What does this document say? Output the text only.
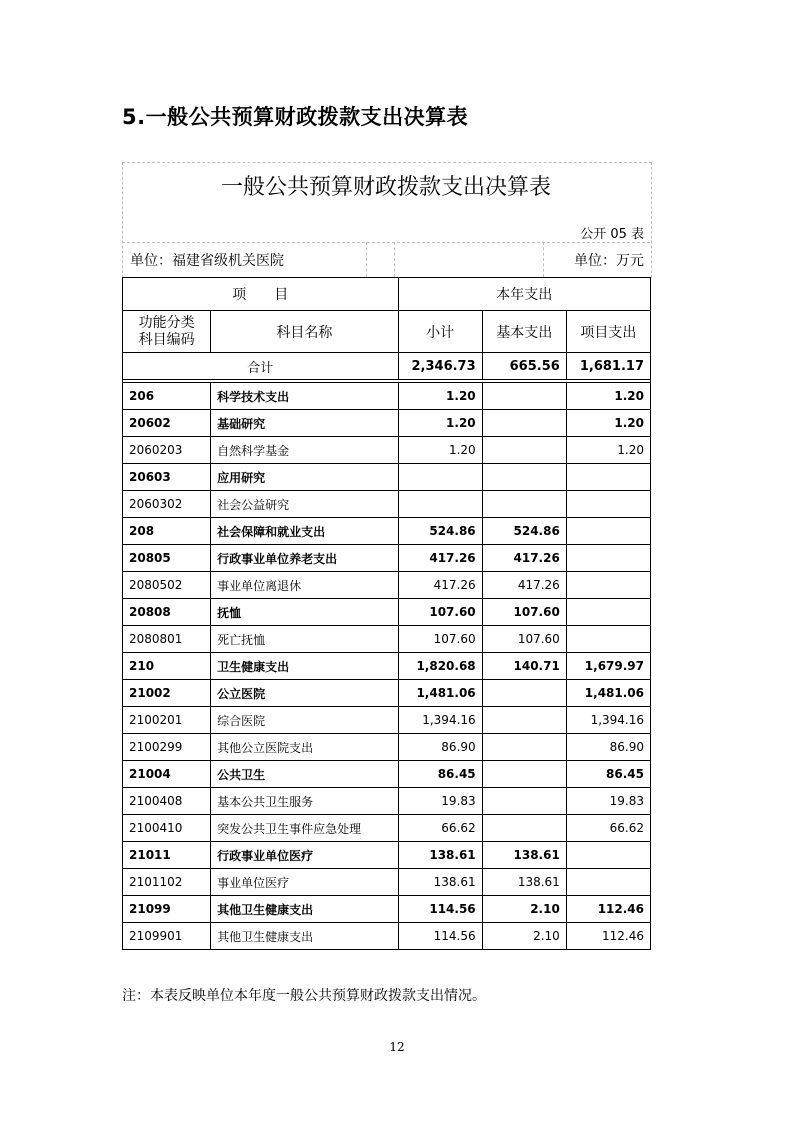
5.一般公共预算财政拨款支出决算表
一般公共预算财政拨款支出决算表
公开 05 表
单位：福建省级机关医院	单位：万元
项　　目		本年支出		

功能分类
科目编码	科目名称	小计	基本支出	项目支出
合计		2,346.73	665.56	1,681.17

206	科学技术支出	1.20		1.20
20602	基础研究	1.20		1.20
2060203	自然科学基金	1.20		1.20
20603	应用研究			
2060302	社会公益研究			
208	社会保障和就业支出	524.86	524.86	
20805	行政事业单位养老支出	417.26	417.26	
2080502	事业单位离退休	417.26	417.26	
20808	抚恤	107.60	107.60	
2080801	死亡抚恤	107.60	107.60	
210	卫生健康支出	1,820.68	140.71	1,679.97
21002	公立医院	1,481.06		1,481.06
2100201	综合医院	1,394.16		1,394.16
2100299	其他公立医院支出	86.90		86.90
21004	公共卫生	86.45		86.45
2100408	基本公共卫生服务	19.83		19.83
2100410	突发公共卫生事件应急处理	66.62		66.62
21011	行政事业单位医疗	138.61	138.61	
2101102	事业单位医疗	138.61	138.61	
21099	其他卫生健康支出	114.56	2.10	112.46
2109901	其他卫生健康支出	114.56	2.10	112.46
注：本表反映单位本年度一般公共预算财政拨款支出情况。
12
